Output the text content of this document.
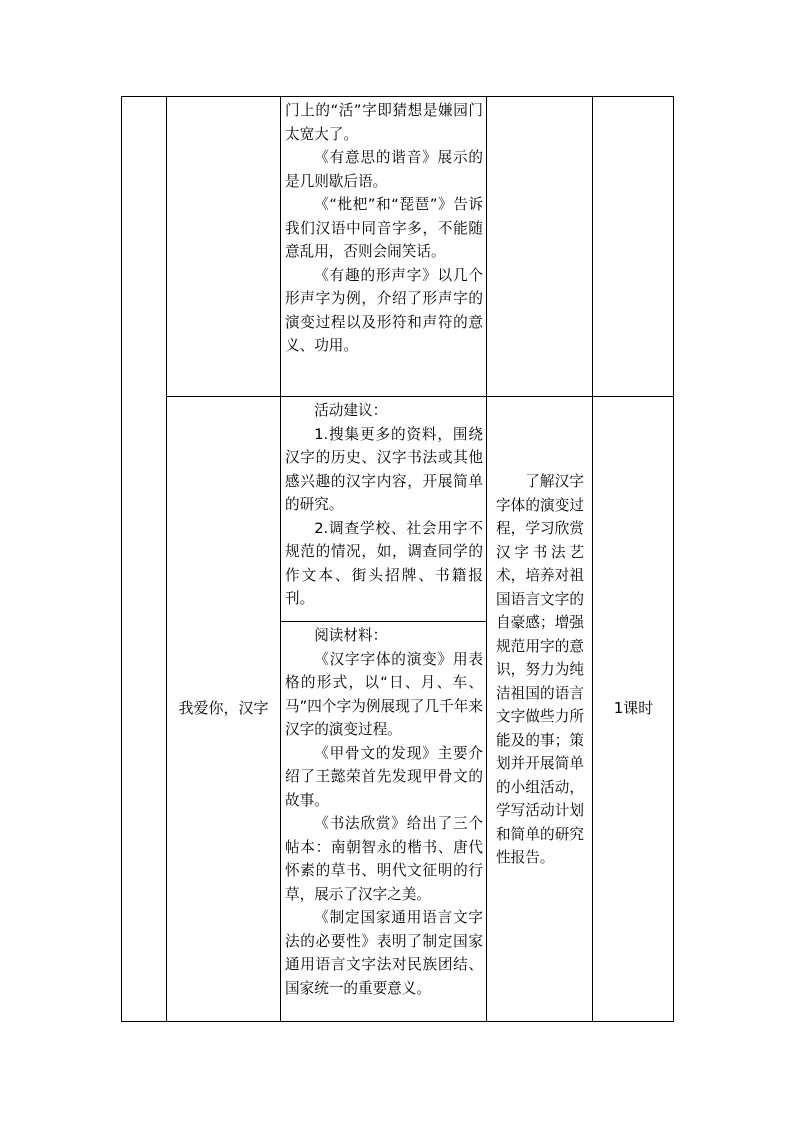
门上的“活”字即猜想是嫌园门太宽大了。

《有意思的谐音》展示的是几则歇后语。

《“枇杷”和“琵琶”》告诉我们汉语中同音字多，不能随意乱用，否则会闹笑话。

《有趣的形声字》以几个形声字为例，介绍了形声字的演变过程以及形符和声符的意义、功用。

我爱你，汉字

活动建议：

1.搜集更多的资料，围绕汉字的历史、汉字书法或其他感兴趣的汉字内容，开展简单的研究。

2.调查学校、社会用字不规范的情况，如，调查同学的作文本、街头招牌、书籍报刊。

阅读材料：

《汉字字体的演变》用表格的形式，以“日、月、车、马”四个字为例展现了几千年来汉字的演变过程。

《甲骨文的发现》主要介绍了王懿荣首先发现甲骨文的故事。

《书法欣赏》给出了三个帖本：南朝智永的楷书、唐代怀素的草书、明代文征明的行草，展示了汉字之美。

《制定国家通用语言文字法的必要性》表明了制定国家通用语言文字法对民族团结、国家统一的重要意义。

了解汉字字体的演变过程，学习欣赏汉字书法艺术，培养对祖国语言文字的自豪感；增强规范用字的意识，努力为纯洁祖国的语言文字做些力所能及的事；策划并开展简单的小组活动，学写活动计划和简单的研究性报告。

1课时
